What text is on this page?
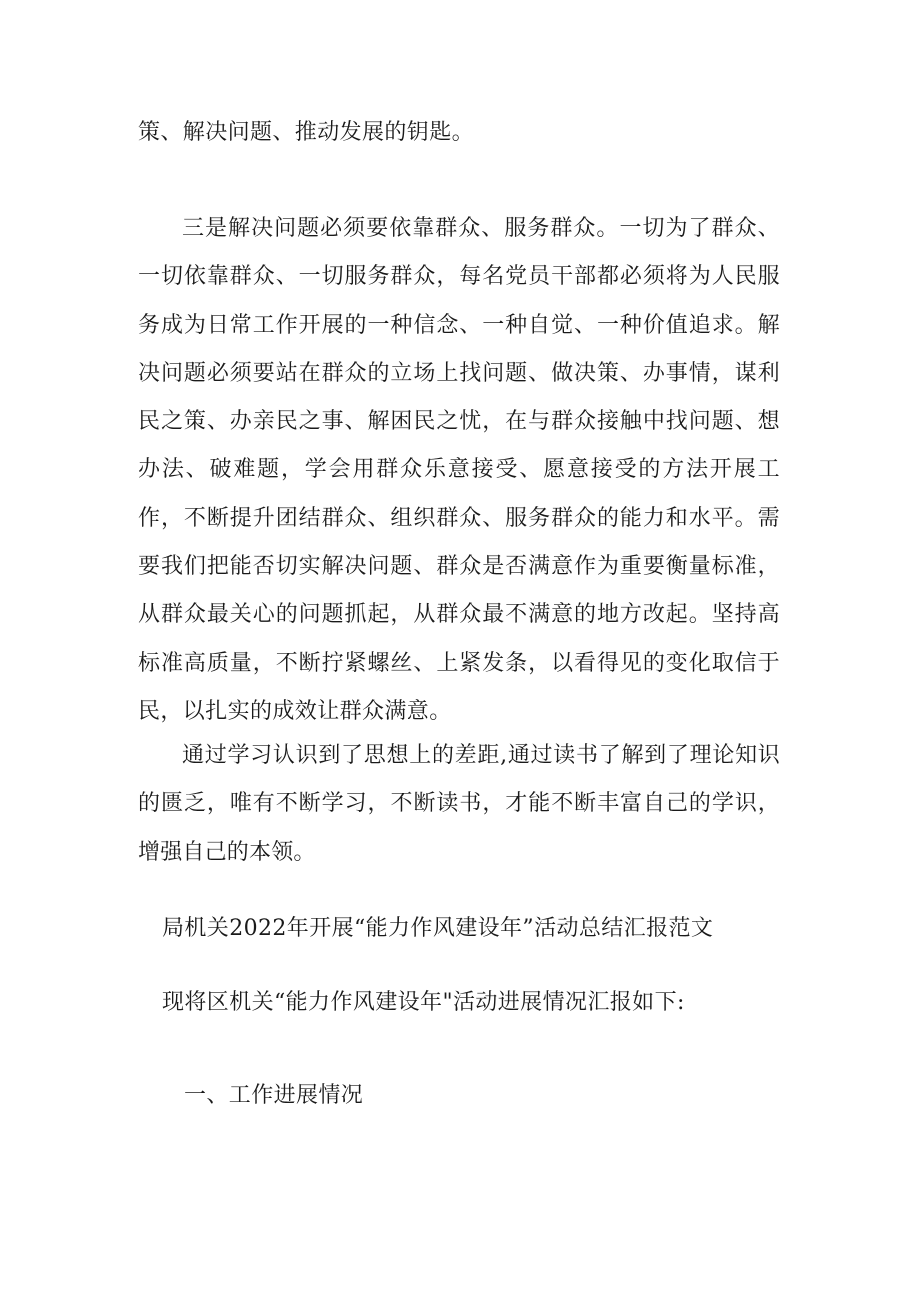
策、解决问题、推动发展的钥匙。

三是解决问题必须要依靠群众、服务群众。一切为了群众、一切依靠群众、一切服务群众，每名党员干部都必须将为人民服务成为日常工作开展的一种信念、一种自觉、一种价值追求。解决问题必须要站在群众的立场上找问题、做决策、办事情，谋利民之策、办亲民之事、解困民之忧，在与群众接触中找问题、想办法、破难题，学会用群众乐意接受、愿意接受的方法开展工作，不断提升团结群众、组织群众、服务群众的能力和水平。需要我们把能否切实解决问题、群众是否满意作为重要衡量标准，从群众最关心的问题抓起，从群众最不满意的地方改起。坚持高标准高质量，不断拧紧螺丝、上紧发条，以看得见的变化取信于民，以扎实的成效让群众满意。

通过学习认识到了思想上的差距,通过读书了解到了理论知识的匮乏，唯有不断学习，不断读书，才能不断丰富自己的学识，增强自己的本领。

局机关2022年开展“能力作风建设年”活动总结汇报范文

现将区机关“能力作风建设年"活动进展情况汇报如下:

一、工作进展情况
